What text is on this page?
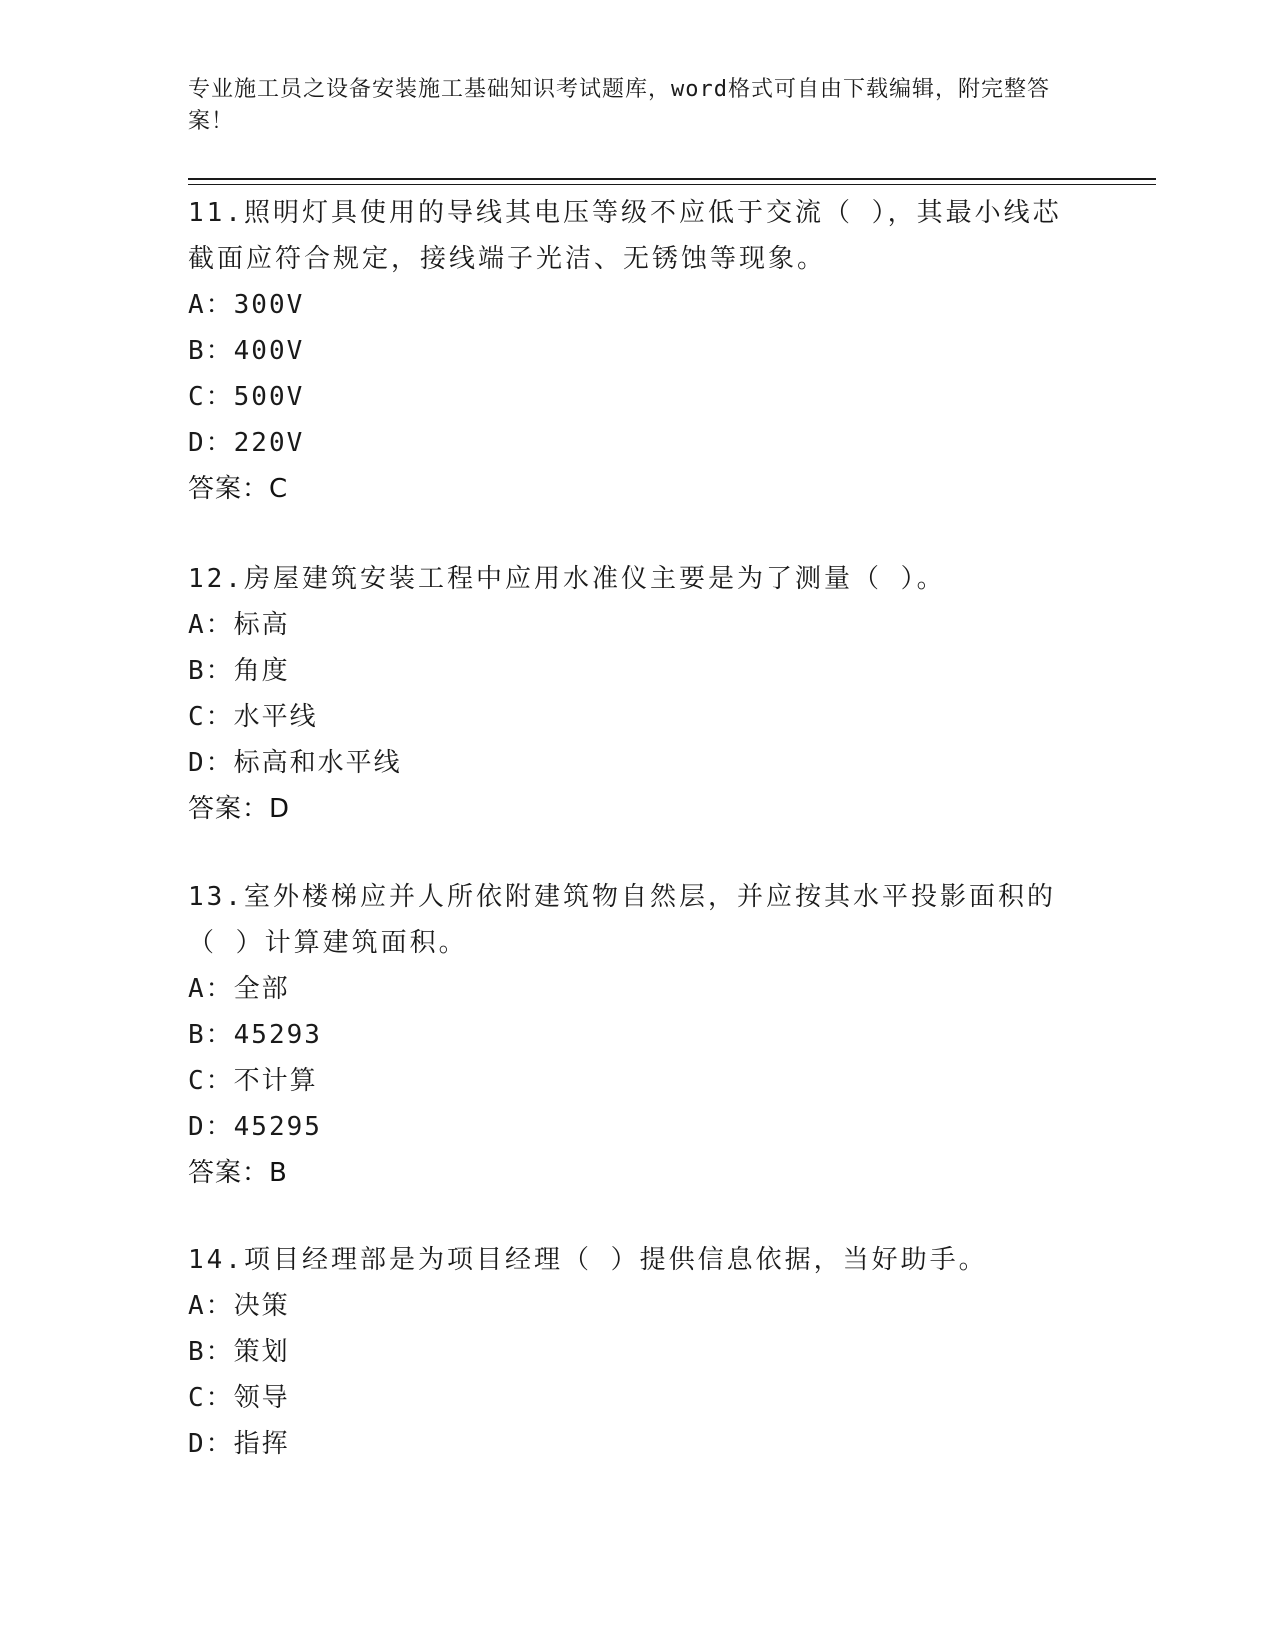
专业施工员之设备安装施工基础知识考试题库，word格式可自由下载编辑，附完整答案！

11.照明灯具使用的导线其电压等级不应低于交流（ ），其最小线芯截面应符合规定，接线端子光洁、无锈蚀等现象。

A：300V

B：400V

C：500V

D：220V

答案：C

12.房屋建筑安装工程中应用水准仪主要是为了测量（ ）。

A：标高

B：角度

C：水平线

D：标高和水平线

答案：D

13.室外楼梯应并人所依附建筑物自然层，并应按其水平投影面积的（ ）计算建筑面积。

A：全部

B：45293

C：不计算

D：45295

答案：B

14.项目经理部是为项目经理（ ）提供信息依据，当好助手。

A：决策

B：策划

C：领导

D：指挥
